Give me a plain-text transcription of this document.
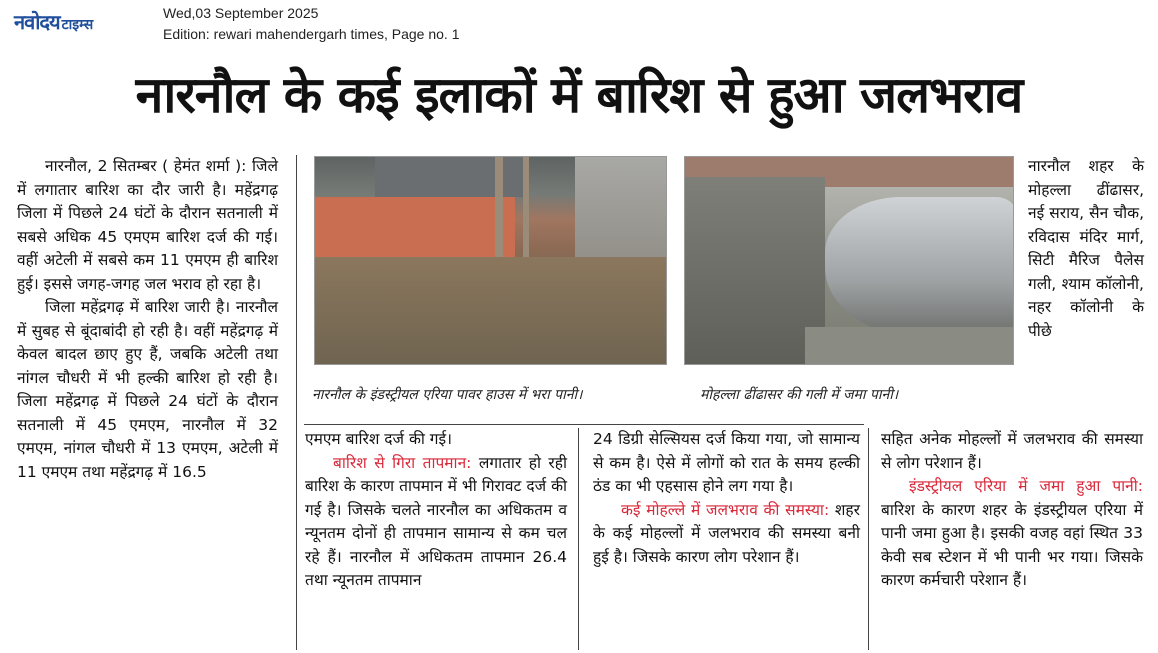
नवोदय टाइम्स
Wed,03 September 2025
Edition: rewari mahendergarh times, Page no. 1
नारनौल के कई इलाकों में बारिश से हुआ जलभराव

नारनौल, 2 सितम्बर ( हेमंत शर्मा ): जिले में लगातार बारिश का दौर जारी है। महेंद्रगढ़ जिला में पिछले 24 घंटों के दौरान सतनाली में सबसे अधिक 45 एमएम बारिश दर्ज की गई। वहीं अटेली में सबसे कम 11 एमएम ही बारिश हुई। इससे जगह-जगह जल भराव हो रहा है।

जिला महेंद्रगढ़ में बारिश जारी है। नारनौल में सुबह से बूंदाबांदी हो रही है। वहीं महेंद्रगढ़ में केवल बादल छाए हुए हैं, जबकि अटेली तथा नांगल चौधरी में भी हल्की बारिश हो रही है। जिला महेंद्रगढ़ में पिछले 24 घंटों के दौरान सतनाली में 45 एमएम, नारनौल में 32 एमएम, नांगल चौधरी में 13 एमएम, अटेली में 11 एमएम तथा महेंद्रगढ़ में 16.5

नारनौल के इंडस्ट्रीयल एरिया पावर हाउस में भरा पानी।	मोहल्ला ढींढासर की गली में जमा पानी।

नारनौल शहर के मोहल्ला ढींढासर, नई सराय, सैन चौक, रविदास मंदिर मार्ग, सिटी मैरिज पैलेस गली, श्याम कॉलोनी, नहर कॉलोनी के पीछे

एमएम बारिश दर्ज की गई।

बारिश से गिरा तापमान: लगातार हो रही बारिश के कारण तापमान में भी गिरावट दर्ज की गई है। जिसके चलते नारनौल का अधिकतम व न्यूनतम दोनों ही तापमान सामान्य से कम चल रहे हैं। नारनौल में अधिकतम तापमान 26.4 तथा न्यूनतम तापमान

24 डिग्री सेल्सियस दर्ज किया गया, जो सामान्य से कम है। ऐसे में लोगों को रात के समय हल्की ठंड का भी एहसास होने लग गया है।

कई मोहल्ले में जलभराव की समस्या: शहर के कई मोहल्लों में जलभराव की समस्या बनी हुई है। जिसके कारण लोग परेशान हैं।

सहित अनेक मोहल्लों में जलभराव की समस्या से लोग परेशान हैं।

इंडस्ट्रीयल एरिया में जमा हुआ पानी: बारिश के कारण शहर के इंडस्ट्रीयल एरिया में पानी जमा हुआ है। इसकी वजह वहां स्थित 33 केवी सब स्टेशन में भी पानी भर गया। जिसके कारण कर्मचारी परेशान हैं।
